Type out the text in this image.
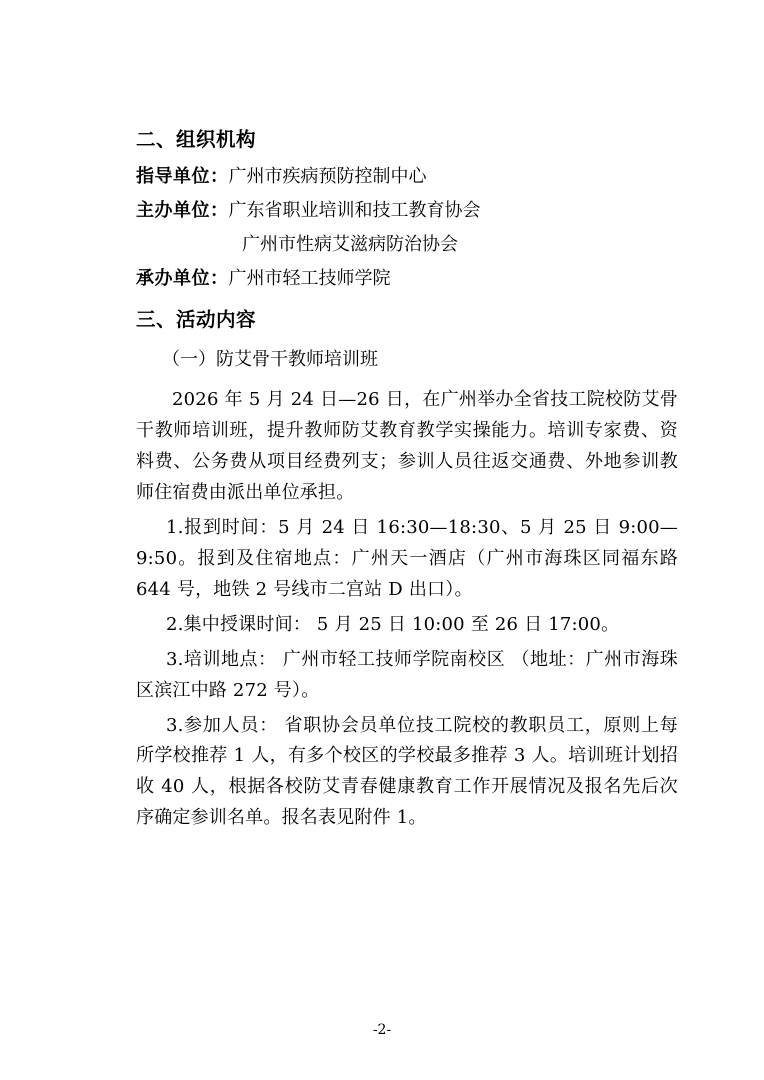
二、组织机构
指导单位：广州市疾病预防控制中心
主办单位：广东省职业培训和技工教育协会
广州市性病艾滋病防治协会
承办单位：广州市轻工技师学院
三、活动内容
（一）防艾骨干教师培训班

2026 年 5 月 24 日—26 日，在广州举办全省技工院校防艾骨干教师培训班，提升教师防艾教育教学实操能力。培训专家费、资料费、公务费从项目经费列支；参训人员往返交通费、外地参训教师住宿费由派出单位承担。

1.报到时间：5 月 24 日 16:30—18:30、5 月 25 日 9:00—9:50。报到及住宿地点：广州天一酒店（广州市海珠区同福东路 644 号，地铁 2 号线市二宫站 D 出口）。

2.集中授课时间： 5 月 25 日 10:00 至 26 日 17:00。

3.培训地点： 广州市轻工技师学院南校区 （地址：广州市海珠区滨江中路 272 号）。

3.参加人员： 省职协会员单位技工院校的教职员工，原则上每所学校推荐 1 人，有多个校区的学校最多推荐 3 人。培训班计划招收 40 人，根据各校防艾青春健康教育工作开展情况及报名先后次序确定参训名单。报名表见附件 1。

-2-
